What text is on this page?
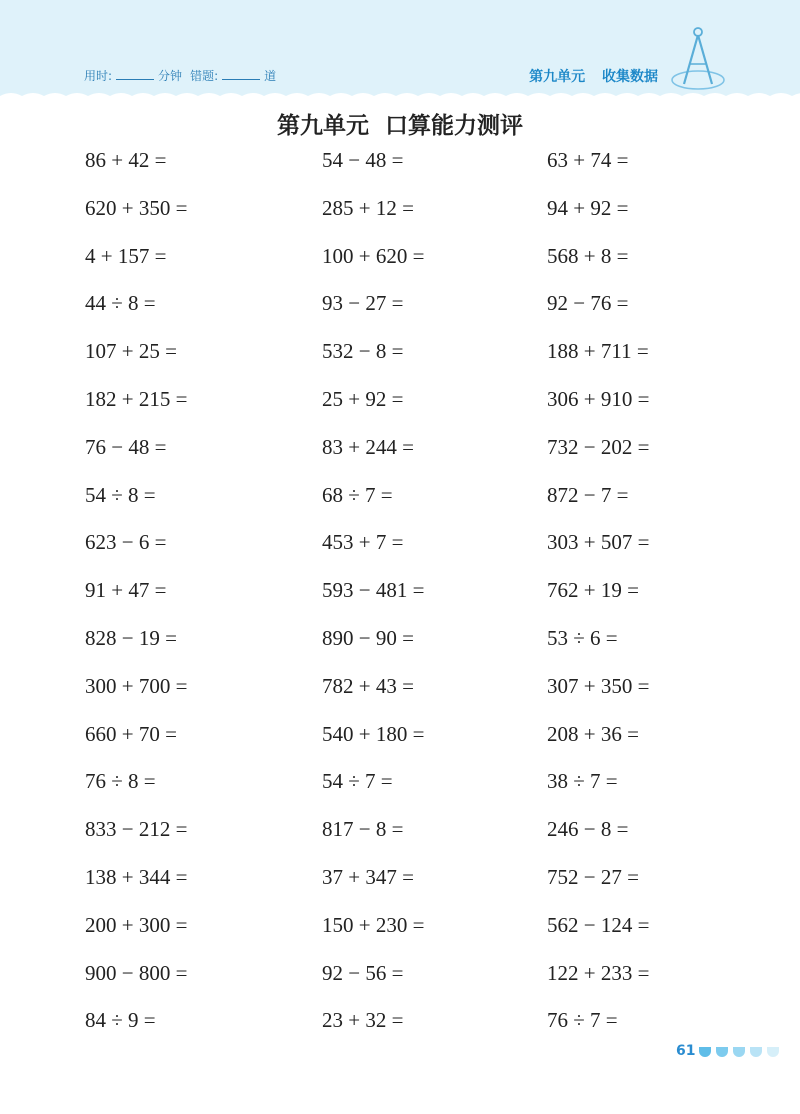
用时:	分钟 错题:	道	第九单元 收集数据
第九单元  口算能力测评
86 + 42 =	54 − 48 =	63 + 74 =
620 + 350 =	285 + 12 =	94 + 92 =
4 + 157 =	100 + 620 =	568 + 8 =
44 ÷ 8 =	93 − 27 =	92 − 76 =
107 + 25 =	532 − 8 =	188 + 711 =
182 + 215 =	25 + 92 =	306 + 910 =
76 − 48 =	83 + 244 =	732 − 202 =
54 ÷ 8 =	68 ÷ 7 =	872 − 7 =
623 − 6 =	453 + 7 =	303 + 507 =
91 + 47 =	593 − 481 =	762 + 19 =
828 − 19 =	890 − 90 =	53 ÷ 6 =
300 + 700 =	782 + 43 =	307 + 350 =
660 + 70 =	540 + 180 =	208 + 36 =
76 ÷ 8 =	54 ÷ 7 =	38 ÷ 7 =
833 − 212 =	817 − 8 =	246 − 8 =
138 + 344 =	37 + 347 =	752 − 27 =
200 + 300 =	150 + 230 =	562 − 124 =
900 − 800 =	92 − 56 =	122 + 233 =
84 ÷ 9 =	23 + 32 =	76 ÷ 7 =
61
